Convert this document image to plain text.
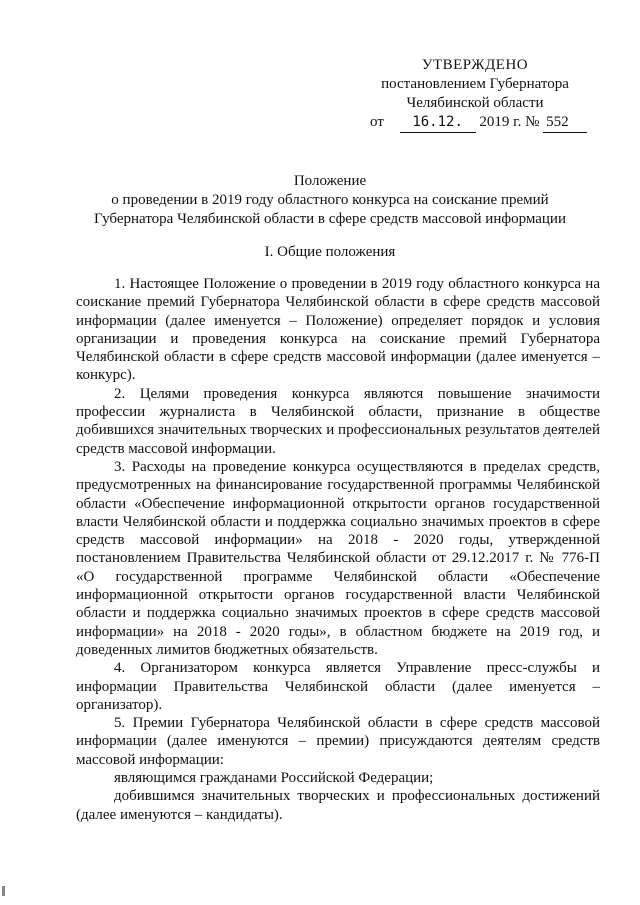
УТВЕРЖДЕНО
постановлением Губернатора
Челябинской области
от 16.12. 2019 г. № 552
Положение
о проведении в 2019 году областного конкурса на соискание премий
Губернатора Челябинской области в сфере средств массовой информации
I. Общие положения

1. Настоящее Положение о проведении в 2019 году областного конкурса на соискание премий Губернатора Челябинской области в сфере средств массовой информации (далее именуется – Положение) определяет порядок и условия организации и проведения конкурса на соискание премий Губернатора Челябинской области в сфере средств массовой информации (далее именуется – конкурс).

2. Целями проведения конкурса являются повышение значимости профессии журналиста в Челябинской области, признание в обществе добившихся значительных творческих и профессиональных результатов деятелей средств массовой информации.

3. Расходы на проведение конкурса осуществляются в пределах средств, предусмотренных на финансирование государственной программы Челябинской области «Обеспечение информационной открытости органов государственной власти Челябинской области и поддержка социально значимых проектов в сфере средств массовой информации» на 2018 - 2020 годы, утвержденной постановлением Правительства Челябинской области от 29.12.2017 г. № 776-П «О государственной программе Челябинской области «Обеспечение информационной открытости органов государственной власти Челябинской области и поддержка социально значимых проектов в сфере средств массовой информации» на 2018 - 2020 годы», в областном бюджете на 2019 год, и доведенных лимитов бюджетных обязательств.

4. Организатором конкурса является Управление пресс-службы и информации Правительства Челябинской области (далее именуется – организатор).

5. Премии Губернатора Челябинской области в сфере средств массовой информации (далее именуются – премии) присуждаются деятелям средств массовой информации:

являющимся гражданами Российской Федерации;

добившимся значительных творческих и профессиональных достижений (далее именуются – кандидаты).
